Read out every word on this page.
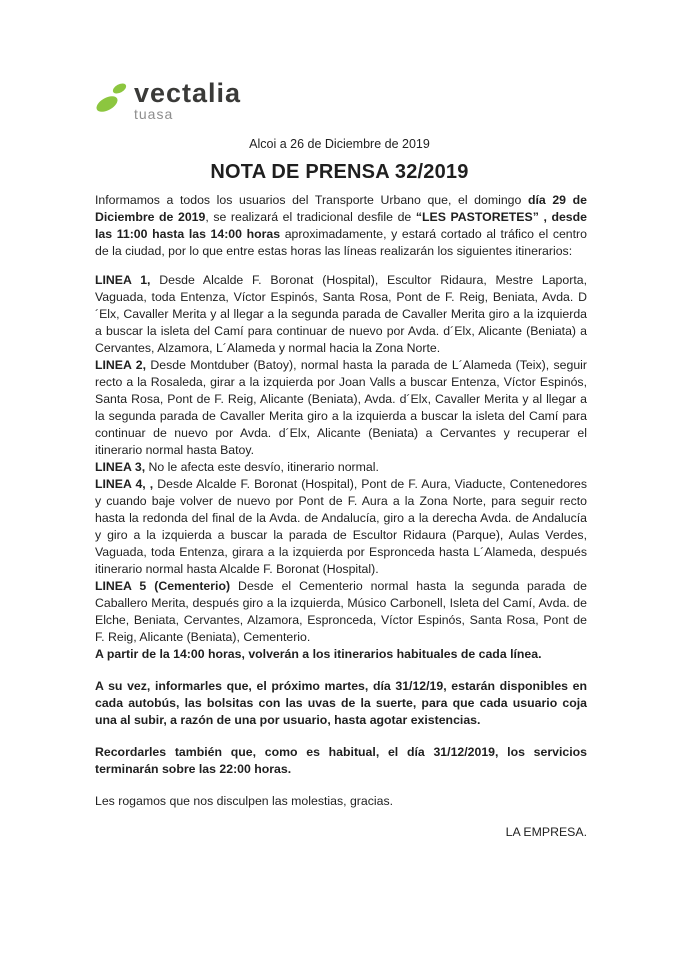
vectalia
tuasa

Alcoi a 26 de Diciembre de 2019

NOTA DE PRENSA 32/2019

Informamos a todos los usuarios del Transporte Urbano que, el domingo día 29 de Diciembre de 2019, se realizará el tradicional desfile de “LES PASTORETES” , desde las 11:00 hasta las 14:00 horas aproximadamente, y estará cortado al tráfico el centro de la ciudad, por lo que entre estas horas las líneas realizarán los siguientes itinerarios:

LINEA 1, Desde Alcalde F. Boronat (Hospital), Escultor Ridaura, Mestre Laporta, Vaguada, toda Entenza, Víctor Espinós, Santa Rosa, Pont de F. Reig, Beniata, Avda. D´Elx, Cavaller Merita y al llegar a la segunda parada de Cavaller Merita giro a la izquierda a buscar la isleta del Camí para continuar de nuevo por Avda. d´Elx, Alicante (Beniata) a Cervantes, Alzamora, L´Alameda y normal hacia la Zona Norte.

LINEA 2, Desde Montduber (Batoy), normal hasta la parada de L´Alameda (Teix), seguir recto a la Rosaleda, girar a la izquierda por Joan Valls a buscar Entenza, Víctor Espinós, Santa Rosa, Pont de F. Reig, Alicante (Beniata), Avda. d´Elx, Cavaller Merita y al llegar a la segunda parada de Cavaller Merita giro a la izquierda a buscar la isleta del Camí para continuar de nuevo por Avda. d´Elx, Alicante (Beniata) a Cervantes y recuperar el itinerario normal hasta Batoy.

LINEA 3, No le afecta este desvío, itinerario normal.

LINEA 4, , Desde Alcalde F. Boronat (Hospital), Pont de F. Aura, Viaducte, Contenedores y cuando baje volver de nuevo por Pont de F. Aura a la Zona Norte, para seguir recto hasta la redonda del final de la Avda. de Andalucía, giro a la derecha Avda. de Andalucía y giro a la izquierda a buscar la parada de Escultor Ridaura (Parque), Aulas Verdes, Vaguada, toda Entenza, girara a la izquierda por Espronceda hasta L´Alameda, después itinerario normal hasta Alcalde F. Boronat (Hospital).

LINEA 5 (Cementerio) Desde el Cementerio normal hasta la segunda parada de Caballero Merita, después giro a la izquierda, Músico Carbonell, Isleta del Camí, Avda. de Elche, Beniata, Cervantes, Alzamora, Espronceda, Víctor Espinós, Santa Rosa, Pont de F. Reig, Alicante (Beniata), Cementerio.

A partir de la 14:00 horas, volverán a los itinerarios habituales de cada línea.

A su vez, informarles que, el próximo martes, día 31/12/19, estarán disponibles en cada autobús, las bolsitas con las uvas de la suerte, para que cada usuario coja una al subir, a razón de una por usuario, hasta agotar existencias.

Recordarles también que, como es habitual, el día 31/12/2019, los servicios terminarán sobre las 22:00 horas.

Les rogamos que nos disculpen las molestias, gracias.

LA EMPRESA.
